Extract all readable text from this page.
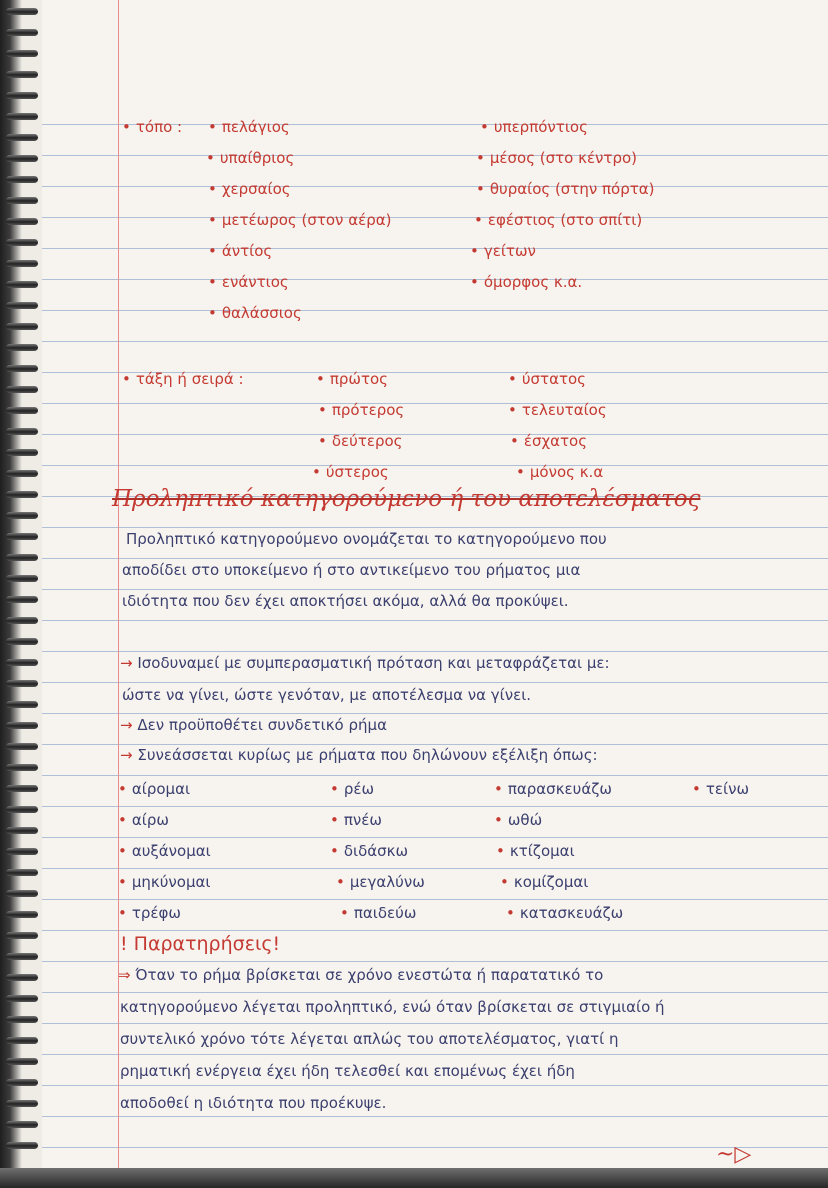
• τόπο :	• πελάγιος
• υπαίθριος
• χερσαίος
• μετέωρος (στον αέρα)
• άντίος
• ενάντιος
• θαλάσσιος
• υπερπόντιος
• μέσος (στο κέντρο)
• θυραίος (στην πόρτα)
• εφέστιος (στο σπίτι)
• γείτων
• όμορφος κ.α.
• τάξη ή σειρά :	• πρώτος
• πρότερος
• δεύτερος
• ύστερος
• ύστατος
• τελευταίος
• έσχατος
• μόνος κ.α
Προληπτικό κατηγορούμενο ή του αποτελέσματος
Προληπτικό κατηγορούμενο ονομάζεται το κατηγορούμενο που
αποδίδει στο υποκείμενο ή στο αντικείμενο του ρήματος μια
ιδιότητα που δεν έχει αποκτήσει ακόμα, αλλά θα προκύψει.
→ Ισοδυναμεί με συμπερασματική πρόταση και μεταφράζεται με:
ώστε να γίνει, ώστε γενόταν, με αποτέλεσμα να γίνει.
→ Δεν προϋποθέτει συνδετικό ρήμα
→ Συνεάσσεται κυρίως με ρήματα που δηλώνουν εξέλιξη όπως:
• αίρομαι
• αίρω
• αυξάνομαι
• μηκύνομαι
• τρέφω
• ρέω
• πνέω
• διδάσκω
• μεγαλύνω
• παιδεύω
• παρασκευάζω
• ωθώ
• κτίζομαι
• κομίζομαι
• κατασκευάζω
• τείνω
! Παρατηρήσεις!
⇒ Όταν το ρήμα βρίσκεται σε χρόνο ενεστώτα ή παρατατικό το
κατηγορούμενο λέγεται προληπτικό, ενώ όταν βρίσκεται σε στιγμιαίο ή
συντελικό χρόνο τότε λέγεται απλώς του αποτελέσματος, γιατί η
ρηματική ενέργεια έχει ήδη τελεσθεί και επομένως έχει ήδη
αποδοθεί η ιδιότητα που προέκυψε.
~▷
